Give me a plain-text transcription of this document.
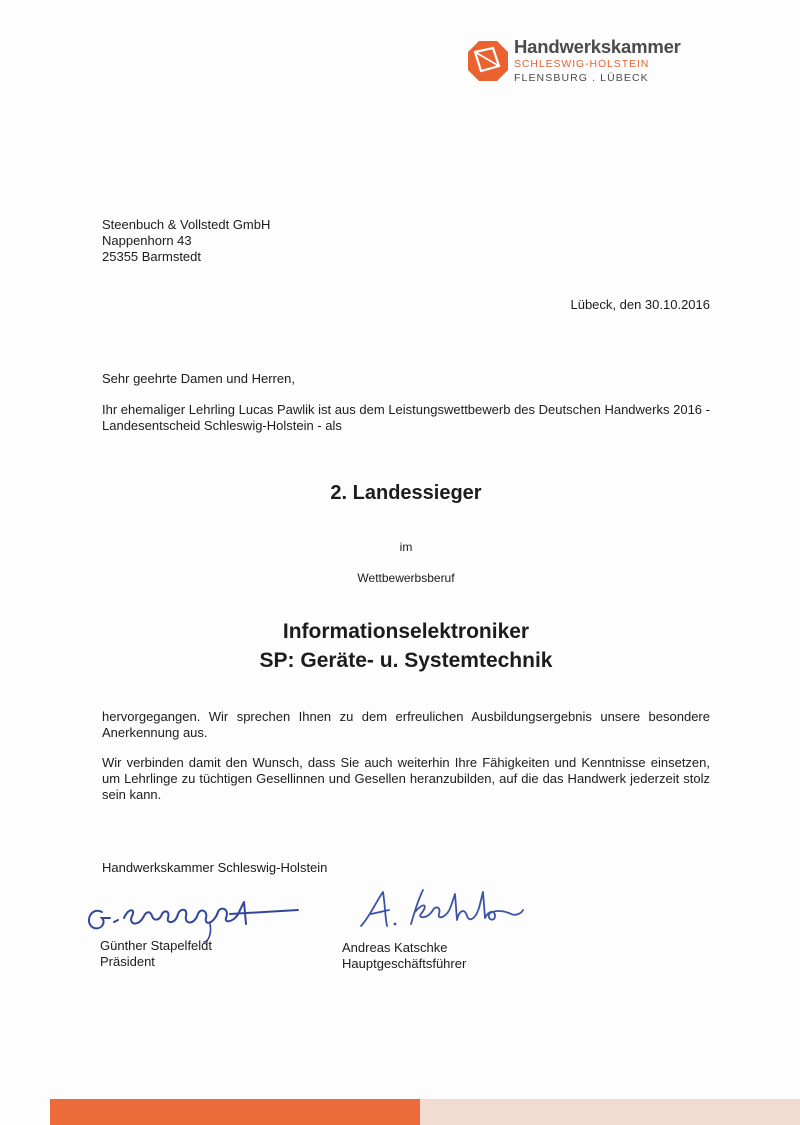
Handwerkskammer
SCHLESWIG-HOLSTEIN
FLENSBURG . LÜBECK
Steenbuch & Vollstedt GmbH
Nappenhorn 43
25355 Barmstedt
Lübeck, den 30.10.2016
Sehr geehrte Damen und Herren,
Ihr ehemaliger Lehrling Lucas Pawlik ist aus dem Leistungswettbewerb des Deutschen Handwerks 2016 - Landesentscheid Schleswig-Holstein - als
2. Landessieger
im
Wettbewerbsberuf
Informationselektroniker
SP: Geräte- u. Systemtechnik
hervorgegangen. Wir sprechen Ihnen zu dem erfreulichen Ausbildungsergebnis unsere besondere Anerkennung aus.
Wir verbinden damit den Wunsch, dass Sie auch weiterhin Ihre Fähigkeiten und Kenntnisse einsetzen, um Lehrlinge zu tüchtigen Gesellinnen und Gesellen heranzubilden, auf die das Handwerk jederzeit stolz sein kann.
Handwerkskammer Schleswig-Holstein
Günther Stapelfeldt
Präsident
Andreas Katschke
Hauptgeschäftsführer
